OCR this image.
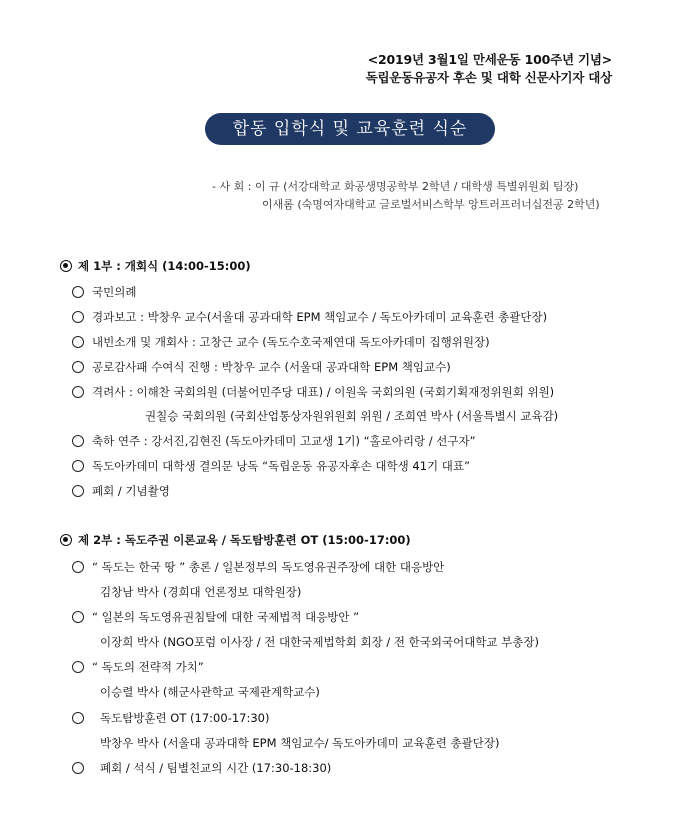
<2019년 3월1일 만세운동 100주년 기념>
독립운동유공자 후손 및 대학 신문사기자 대상
합동 입학식 및 교육훈련 식순
- 사 회 : 이 규 (서강대학교 화공생명공학부 2학년 / 대학생 특별위원회 팀장)
이새롬 (숙명여자대학교 글로벌서비스학부 앙트러프러너십전공 2학년)
제 1부 : 개회식 (14:00-15:00)
국민의례
경과보고 : 박창우 교수(서울대 공과대학 EPM 책임교수 / 독도아카데미 교육훈련 총괄단장)
내빈소개 및 개회사 : 고창근 교수 (독도수호국제연대 독도아카데미 집행위원장)
공로감사패 수여식 진행 : 박창우 교수 (서울대 공과대학 EPM 책임교수)
격려사 : 이해찬 국회의원 (더불어민주당 대표) / 이원욱 국회의원 (국회기획재정위원회 위원)
권칠승 국회의원 (국회산업통상자원위원회 위원 / 조희연 박사 (서울특별시 교육감)
축하 연주 : 강서진,김현진 (독도아카데미 고교생 1기) “홀로아리랑 / 선구자”
독도아카데미 대학생 결의문 낭독 “독립운동 유공자후손 대학생 41기 대표”
폐회 / 기념촬영
제 2부 : 독도주권 이론교육 / 독도탐방훈련 OT (15:00-17:00)
“ 독도는 한국 땅 ” 총론 / 일본정부의 독도영유권주장에 대한 대응방안
김창남 박사 (경희대 언론정보 대학원장)
“ 일본의 독도영유권침탈에 대한 국제법적 대응방안 ”
이장희 박사 (NGO포럼 이사장 / 전 대한국제법학회 회장 / 전 한국외국어대학교 부총장)
“ 독도의 전략적 가치”
이승렬 박사 (해군사관학교 국제관계학교수)
독도탐방훈련 OT (17:00-17:30)
박창우 박사 (서울대 공과대학 EPM 책임교수/ 독도아카데미 교육훈련 총괄단장)
폐회 / 석식 / 팀별친교의 시간 (17:30-18:30)
